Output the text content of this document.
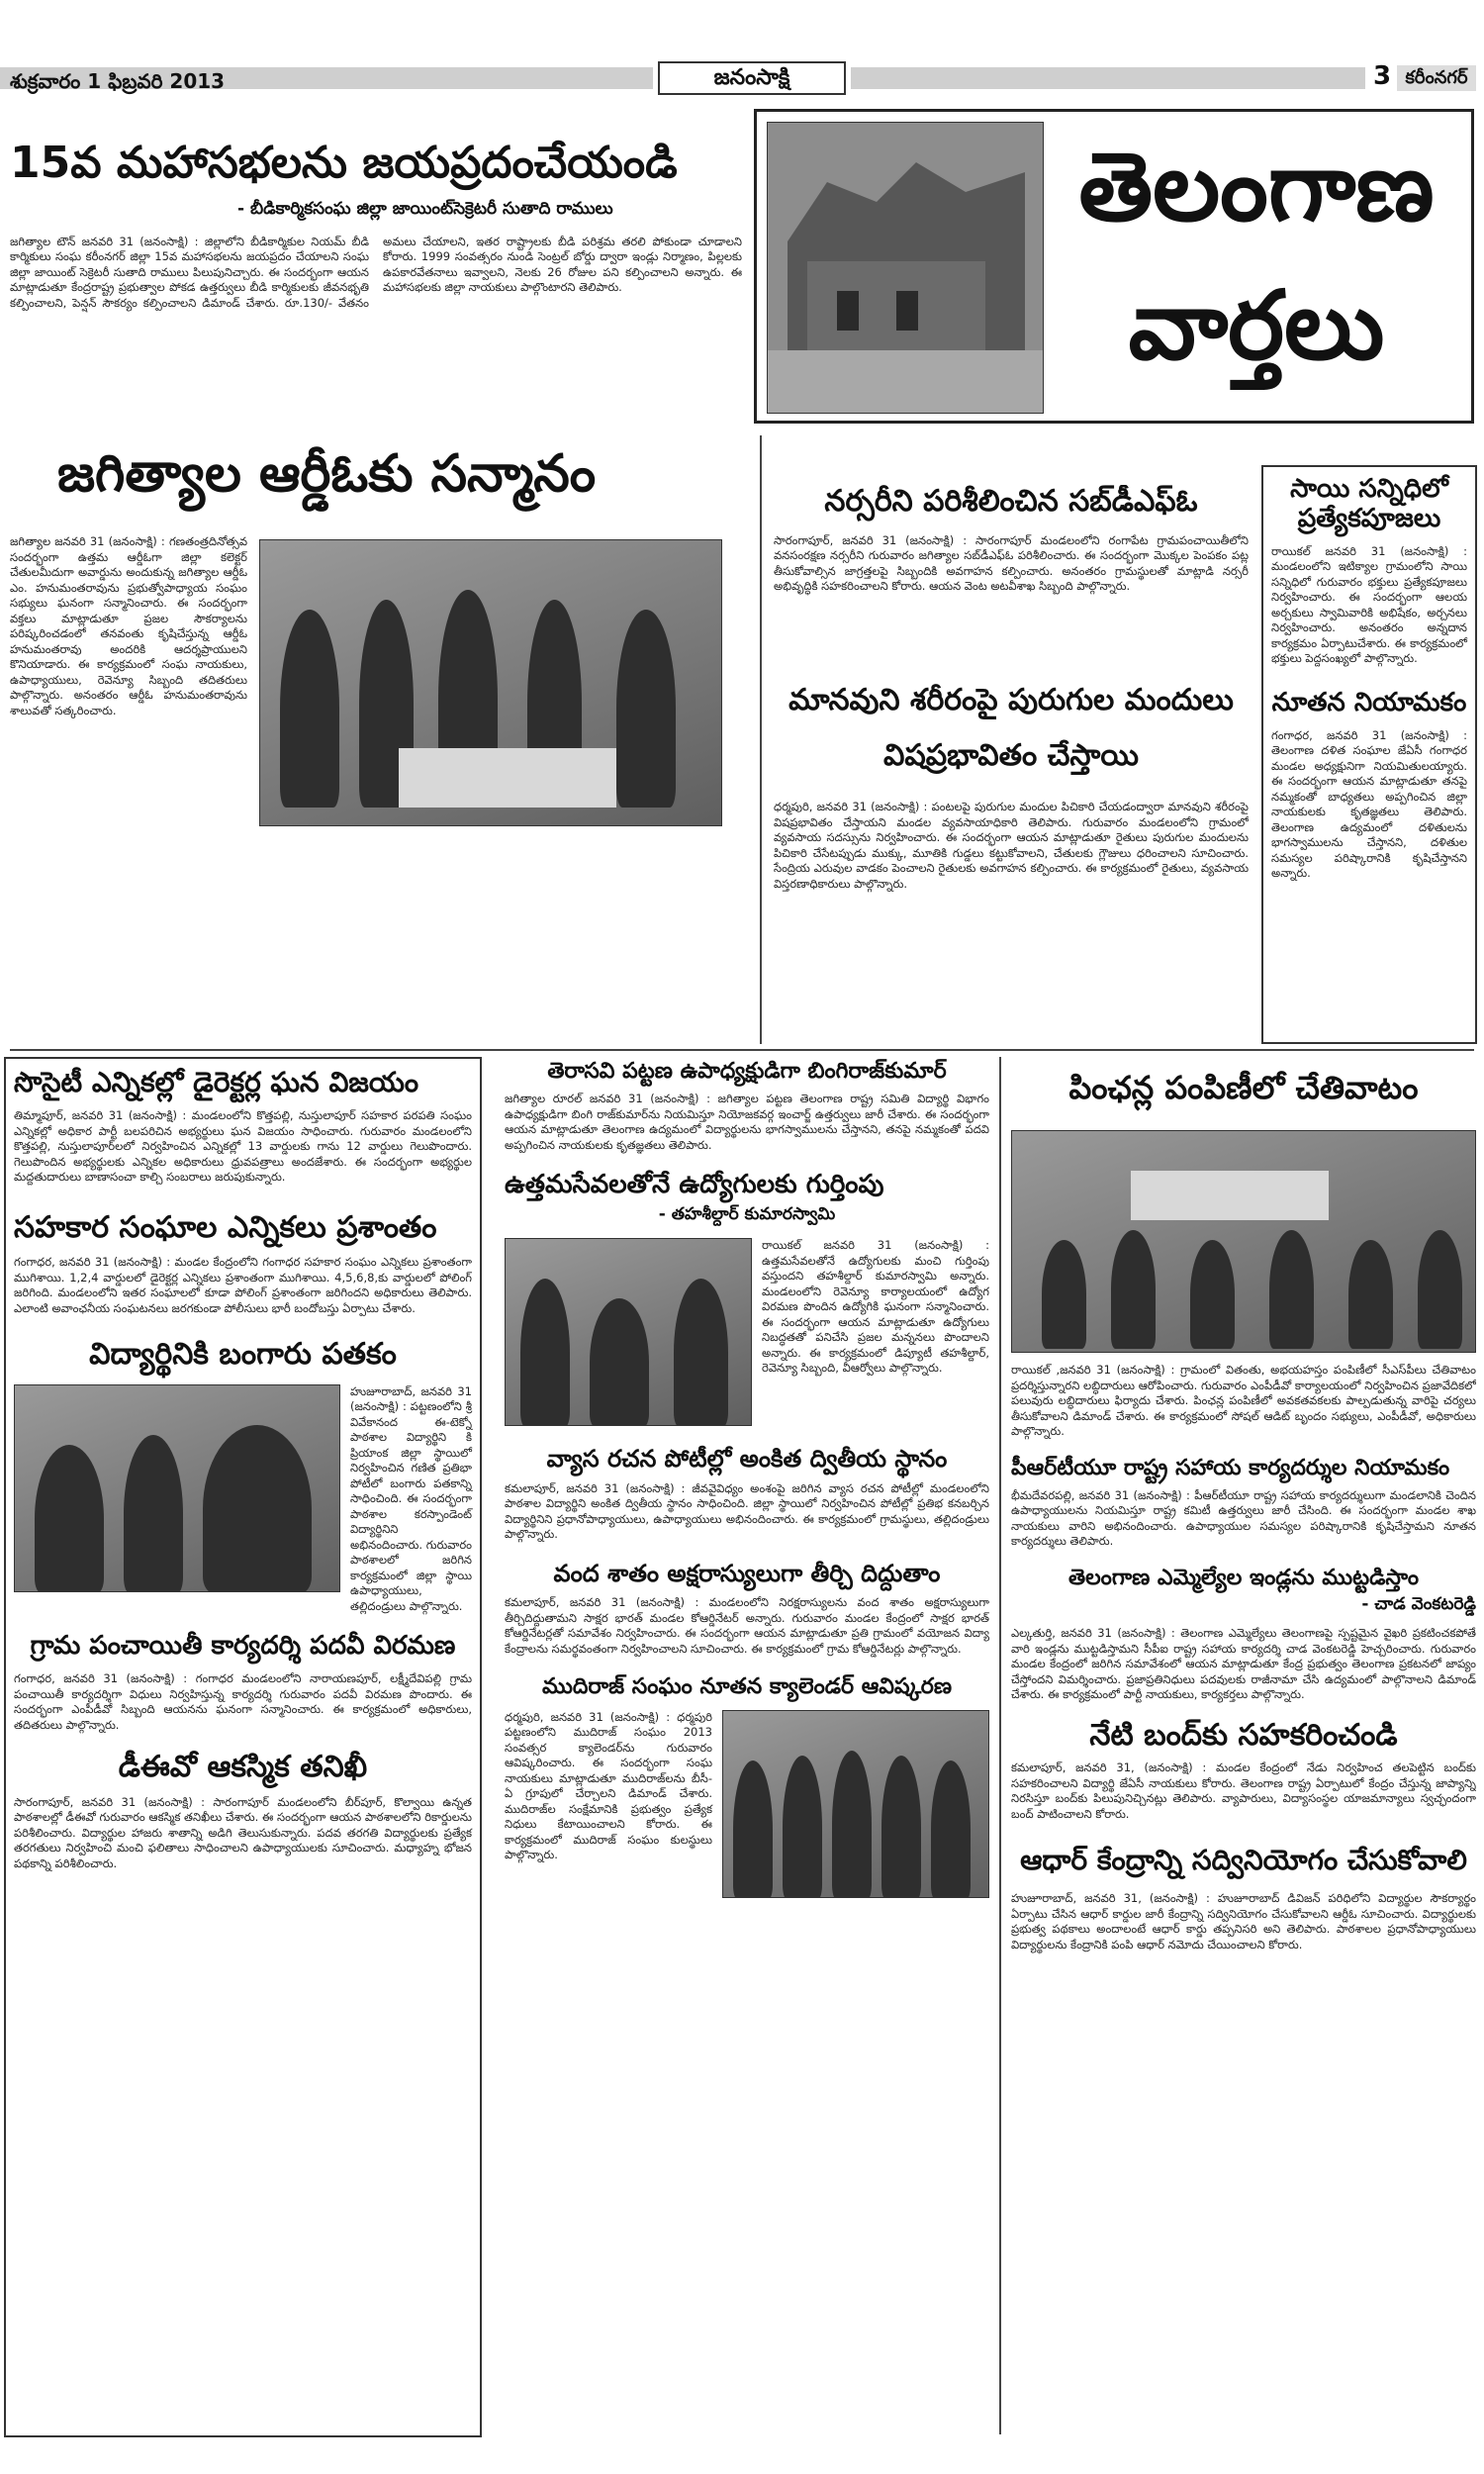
శుక్రవారం 1 ఫిబ్రవరి 2013	జనంసాక్షి	3 కరీంనగర్
15వ మహాసభలను జయప్రదంచేయండి
- బీడికార్మికసంఘ జిల్లా జాయింట్‌సెక్రెటరీ సుతాది రాములు
జగిత్యాల టౌన్ జనవరి 31 (జనంసాక్షి) : జిల్లాలోని బీడికార్మికుల నియమ్ బీడి కార్మికులు సంఘ కరీంనగర్ జిల్లా 15వ మహాసభలను జయప్రదం చేయాలని సంఘ జిల్లా జాయింట్ సెక్రెటరీ సుతాది రాములు పిలుపునిచ్చారు. ఈ సందర్భంగా ఆయన మాట్లాడుతూ కేంద్రరాష్ట్ర ప్రభుత్వాల పోకడ ఉత్తర్వులు బీడి కార్మికులకు జీవనభృతి కల్పించాలని, పెన్షన్ సౌకర్యం కల్పించాలని డిమాండ్ చేశారు. రూ.130/- వేతనం అమలు చేయాలని, ఇతర రాష్ట్రాలకు బీడి పరిశ్రమ తరలి పోకుండా చూడాలని కోరారు. 1999 సంవత్సరం నుండి సెంట్రల్ బోర్డు ద్వారా ఇండ్లు నిర్మాణం, పిల్లలకు ఉపకారవేతనాలు ఇవ్వాలని, నెలకు 26 రోజుల పని కల్పించాలని అన్నారు. ఈ మహాసభలకు జిల్లా నాయకులు పాల్గొంటారని తెలిపారు.
తెలంగాణ
వార్తలు
జగిత్యాల ఆర్డీఓకు సన్మానం
జగిత్యాల జనవరి 31 (జనంసాక్షి) : గణతంత్రదినోత్సవ సందర్భంగా ఉత్తమ ఆర్డీఓగా జిల్లా కలెక్టర్ చేతులమీదుగా అవార్డును అందుకున్న జగిత్యాల ఆర్డీఓ ఎం. హనుమంతరావును ప్రభుత్వోపాధ్యాయ సంఘం సభ్యులు ఘనంగా సన్మానించారు. ఈ సందర్భంగా వక్తలు మాట్లాడుతూ ప్రజల సౌకర్యాలను పరిష్కరించడంలో తనవంతు కృషిచేస్తున్న ఆర్డీఓ హనుమంతరావు అందరికి ఆదర్శప్రాయులని కొనియాడారు. ఈ కార్యక్రమంలో సంఘ నాయకులు, ఉపాధ్యాయులు, రెవెన్యూ సిబ్బంది తదితరులు పాల్గొన్నారు. అనంతరం ఆర్డీఓ హనుమంతరావును శాలువతో సత్కరించారు.
నర్సరీని పరిశీలించిన సబ్‌డీఎఫ్‌ఓ
సారంగాపూర్, జనవరి 31 (జనంసాక్షి) : సారంగాపూర్ మండలంలోని రంగాపేట గ్రామపంచాయితీలోని వనసంరక్షణ నర్సరీని గురువారం జగిత్యాల సబ్‌డీఎఫ్ఓ పరిశీలించారు. ఈ సందర్భంగా మొక్కల పెంపకం పట్ల తీసుకోవాల్సిన జాగ్రత్తలపై సిబ్బందికి అవగాహన కల్పించారు. అనంతరం గ్రామస్థులతో మాట్లాడి నర్సరీ అభివృద్ధికి సహకరించాలని కోరారు. ఆయన వెంట అటవీశాఖ సిబ్బంది పాల్గొన్నారు.
మానవుని శరీరంపై పురుగుల మందులు విషప్రభావితం చేస్తాయి
ధర్మపురి, జనవరి 31 (జనంసాక్షి) : పంటలపై పురుగుల మందుల పిచికారి చేయడంద్వారా మానవుని శరీరంపై విషప్రభావితం చేస్తాయని మండల వ్యవసాయాధికారి తెలిపారు. గురువారం మండలంలోని గ్రామంలో వ్యవసాయ సదస్సును నిర్వహించారు. ఈ సందర్భంగా ఆయన మాట్లాడుతూ రైతులు పురుగుల మందులను పిచికారి చేసేటప్పుడు ముక్కు, మూతికి గుడ్డలు కట్టుకోవాలని, చేతులకు గ్లౌజులు ధరించాలని సూచించారు. సేంద్రియ ఎరువుల వాడకం పెంచాలని రైతులకు అవగాహన కల్పించారు. ఈ కార్యక్రమంలో రైతులు, వ్యవసాయ విస్తరణాధికారులు పాల్గొన్నారు.
సాయి సన్నిధిలో ప్రత్యేకపూజలు
రాయికల్ జనవరి 31 (జనంసాక్షి) : మండలంలోని ఇటిక్యాల గ్రామంలోని సాయి సన్నిధిలో గురువారం భక్తులు ప్రత్యేకపూజలు నిర్వహించారు. ఈ సందర్భంగా ఆలయ అర్చకులు స్వామివారికి అభిషేకం, అర్చనలు నిర్వహించారు. అనంతరం అన్నదాన కార్యక్రమం ఏర్పాటుచేశారు. ఈ కార్యక్రమంలో భక్తులు పెద్దసంఖ్యలో పాల్గొన్నారు.
నూతన నియామకం
గంగాధర, జనవరి 31 (జనంసాక్షి) : తెలంగాణ దళిత సంఘాల జేఏసీ గంగాధర మండల అధ్యక్షునిగా నియమితులయ్యారు. ఈ సందర్భంగా ఆయన మాట్లాడుతూ తనపై నమ్మకంతో బాధ్యతలు అప్పగించిన జిల్లా నాయకులకు కృతజ్ఞతలు తెలిపారు. తెలంగాణ ఉద్యమంలో దళితులను భాగస్వాములను చేస్తానని, దళితుల సమస్యల పరిష్కారానికి కృషిచేస్తానని అన్నారు.
సొసైటీ ఎన్నికల్లో డైరెక్టర్ల ఘన విజయం
తిమ్మాపూర్, జనవరి 31 (జనంసాక్షి) : మండలంలోని కొత్తపల్లి, నుస్తులాపూర్ సహకార పరపతి సంఘం ఎన్నికల్లో అధికార పార్టీ బలపరిచిన అభ్యర్థులు ఘన విజయం సాధించారు. గురువారం మండలంలోని కొత్తపల్లి, నుస్తులాపూర్‌లలో నిర్వహించిన ఎన్నికల్లో 13 వార్డులకు గాను 12 వార్డులు గెలుపొందారు. గెలుపొందిన అభ్యర్థులకు ఎన్నికల అధికారులు ధ్రువపత్రాలు అందజేశారు. ఈ సందర్భంగా అభ్యర్థుల మద్దతుదారులు బాణాసంచా కాల్చి సంబరాలు జరుపుకున్నారు.
సహకార సంఘాల ఎన్నికలు ప్రశాంతం
గంగాధర, జనవరి 31 (జనంసాక్షి) : మండల కేంద్రంలోని గంగాధర సహకార సంఘం ఎన్నికలు ప్రశాంతంగా ముగిశాయి. 1,2,4 వార్డులలో డైరెక్టర్ల ఎన్నికలు ప్రశాంతంగా ముగిశాయి. 4,5,6,8,కు వార్డులలో పోలింగ్ జరిగింది. మండలంలోని ఇతర సంఘాలలో కూడా పోలింగ్ ప్రశాంతంగా జరిగిందని అధికారులు తెలిపారు. ఎలాంటి అవాంఛనీయ సంఘటనలు జరగకుండా పోలీసులు భారీ బందోబస్తు ఏర్పాటు చేశారు.
విద్యార్థినికి బంగారు పతకం
హుజూరాబాద్, జనవరి 31 (జనంసాక్షి) : పట్టణంలోని శ్రీ వివేకానంద ఈ-టెక్నో పాఠశాల విద్యార్థిని కి ప్రియాంక జిల్లా స్థాయిలో నిర్వహించిన గణిత ప్రతిభా పోటీలో బంగారు పతకాన్ని సాధించింది. ఈ సందర్భంగా పాఠశాల కరస్పాండెంట్ విద్యార్థినిని అభినందించారు. గురువారం పాఠశాలలో జరిగిన కార్యక్రమంలో జిల్లా స్థాయి ఉపాధ్యాయులు, తల్లిదండ్రులు పాల్గొన్నారు.
గ్రామ పంచాయితీ కార్యదర్శి పదవీ విరమణ
గంగాధర, జనవరి 31 (జనంసాక్షి) : గంగాధర మండలంలోని నారాయణపూర్, లక్ష్మీదేవిపల్లి గ్రామ పంచాయితీ కార్యదర్శిగా విధులు నిర్వహిస్తున్న కార్యదర్శి గురువారం పదవీ విరమణ పొందారు. ఈ సందర్భంగా ఎంపీడీవో సిబ్బంది ఆయనను ఘనంగా సన్మానించారు. ఈ కార్యక్రమంలో అధికారులు, తదితరులు పాల్గొన్నారు.
డీఈవో ఆకస్మిక తనిఖీ
సారంగాపూర్, జనవరి 31 (జనంసాక్షి) : సారంగాపూర్ మండలంలోని బీర్‌పూర్, కొల్వాయి ఉన్నత పాఠశాలల్లో డీఈవో గురువారం ఆకస్మిక తనిఖీలు చేశారు. ఈ సందర్భంగా ఆయన పాఠశాలలోని రికార్డులను పరిశీలించారు. విద్యార్థుల హాజరు శాతాన్ని అడిగి తెలుసుకున్నారు. పదవ తరగతి విద్యార్థులకు ప్రత్యేక తరగతులు నిర్వహించి మంచి ఫలితాలు సాధించాలని ఉపాధ్యాయులకు సూచించారు. మధ్యాహ్న భోజన పథకాన్ని పరిశీలించారు.
తెరాసవి పట్టణ ఉపాధ్యక్షుడిగా బింగిరాజ్‌కుమార్
జగిత్యాల రూరల్ జనవరి 31 (జనంసాక్షి) : జగిత్యాల పట్టణ తెలంగాణ రాష్ట్ర సమితి విద్యార్థి విభాగం ఉపాధ్యక్షుడిగా బింగి రాజ్‌కుమార్‌ను నియమిస్తూ నియోజకవర్గ ఇంచార్జ్ ఉత్తర్వులు జారీ చేశారు. ఈ సందర్భంగా ఆయన మాట్లాడుతూ తెలంగాణ ఉద్యమంలో విద్యార్థులను భాగస్వాములను చేస్తానని, తనపై నమ్మకంతో పదవి అప్పగించిన నాయకులకు కృతజ్ఞతలు తెలిపారు.
ఉత్తమసేవలతోనే ఉద్యోగులకు గుర్తింపు
- తహశీల్దార్ కుమారస్వామి
రాయికల్ జనవరి 31 (జనంసాక్షి) : ఉత్తమసేవలతోనే ఉద్యోగులకు మంచి గుర్తింపు వస్తుందని తహశీల్దార్ కుమారస్వామి అన్నారు. మండలంలోని రెవెన్యూ కార్యాలయంలో ఉద్యోగ విరమణ పొందిన ఉద్యోగికి ఘనంగా సన్మానించారు. ఈ సందర్భంగా ఆయన మాట్లాడుతూ ఉద్యోగులు నిబద్ధతతో పనిచేసి ప్రజల మన్ననలు పొందాలని అన్నారు. ఈ కార్యక్రమంలో డిప్యూటీ తహశీల్దార్, రెవెన్యూ సిబ్బంది, వీఆర్వోలు పాల్గొన్నారు.
వ్యాస రచన పోటీల్లో అంకిత ద్వితీయ స్థానం
కమలాపూర్, జనవరి 31 (జనంసాక్షి) : జీవవైవిధ్యం అంశంపై జరిగిన వ్యాస రచన పోటీల్లో మండలంలోని పాఠశాల విద్యార్థిని అంకిత ద్వితీయ స్థానం సాధించింది. జిల్లా స్థాయిలో నిర్వహించిన పోటీల్లో ప్రతిభ కనబర్చిన విద్యార్థినిని ప్రధానోపాధ్యాయులు, ఉపాధ్యాయులు అభినందించారు. ఈ కార్యక్రమంలో గ్రామస్థులు, తల్లిదండ్రులు పాల్గొన్నారు.
వంద శాతం అక్షరాస్యులుగా తీర్చి దిద్దుతాం
కమలాపూర్, జనవరి 31 (జనంసాక్షి) : మండలంలోని నిరక్షరాస్యులను వంద శాతం అక్షరాస్యులుగా తీర్చిదిద్దుతామని సాక్షర భారత్ మండల కోఆర్డినేటర్ అన్నారు. గురువారం మండల కేంద్రంలో సాక్షర భారత్ కోఆర్డినేటర్లతో సమావేశం నిర్వహించారు. ఈ సందర్భంగా ఆయన మాట్లాడుతూ ప్రతి గ్రామంలో వయోజన విద్యా కేంద్రాలను సమర్థవంతంగా నిర్వహించాలని సూచించారు. ఈ కార్యక్రమంలో గ్రామ కోఆర్డినేటర్లు పాల్గొన్నారు.
ముదిరాజ్ సంఘం నూతన క్యాలెండర్ ఆవిష్కరణ
ధర్మపురి, జనవరి 31 (జనంసాక్షి) : ధర్మపురి పట్టణంలోని ముదిరాజ్ సంఘం 2013 సంవత్సర క్యాలెండర్‌ను గురువారం ఆవిష్కరించారు. ఈ సందర్భంగా సంఘ నాయకులు మాట్లాడుతూ ముదిరాజ్‌లను బీసీ-ఏ గ్రూపులో చేర్చాలని డిమాండ్ చేశారు. ముదిరాజ్‌ల సంక్షేమానికి ప్రభుత్వం ప్రత్యేక నిధులు కేటాయించాలని కోరారు. ఈ కార్యక్రమంలో ముదిరాజ్ సంఘం కులస్థులు పాల్గొన్నారు.
పింఛన్ల పంపిణీలో చేతివాటం
రాయికల్ ,జనవరి 31 (జనంసాక్షి) : గ్రామంలో వితంతు, అభయహస్తం పంపిణీలో సీఎస్‌పీలు చేతివాటం ప్రదర్శిస్తున్నారని లబ్ధిదారులు ఆరోపించారు. గురువారం ఎంపీడీవో కార్యాలయంలో నిర్వహించిన ప్రజావేదికలో పలువురు లబ్ధిదారులు ఫిర్యాదు చేశారు. పింఛన్ల పంపిణీలో అవకతవకలకు పాల్పడుతున్న వారిపై చర్యలు తీసుకోవాలని డిమాండ్ చేశారు. ఈ కార్యక్రమంలో సోషల్ ఆడిట్ బృందం సభ్యులు, ఎంపీడీవో, అధికారులు పాల్గొన్నారు.
పీఆర్‌టీయూ రాష్ట్ర సహాయ కార్యదర్శుల నియామకం
భీమదేవరపల్లి, జనవరి 31 (జనంసాక్షి) : పీఆర్‌టీయూ రాష్ట్ర సహాయ కార్యదర్శులుగా మండలానికి చెందిన ఉపాధ్యాయులను నియమిస్తూ రాష్ట్ర కమిటీ ఉత్తర్వులు జారీ చేసింది. ఈ సందర్భంగా మండల శాఖ నాయకులు వారిని అభినందించారు. ఉపాధ్యాయుల సమస్యల పరిష్కారానికి కృషిచేస్తామని నూతన కార్యదర్శులు తెలిపారు.
తెలంగాణ ఎమ్మెల్యేల ఇండ్లను ముట్టడిస్తాం
- చాడ వెంకటరెడ్డి
ఎల్కతుర్తి, జనవరి 31 (జనంసాక్షి) : తెలంగాణ ఎమ్మెల్యేలు తెలంగాణపై స్పష్టమైన వైఖరి ప్రకటించకపోతే వారి ఇండ్లను ముట్టడిస్తామని సీపీఐ రాష్ట్ర సహాయ కార్యదర్శి చాడ వెంకటరెడ్డి హెచ్చరించారు. గురువారం మండల కేంద్రంలో జరిగిన సమావేశంలో ఆయన మాట్లాడుతూ కేంద్ర ప్రభుత్వం తెలంగాణ ప్రకటనలో జాప్యం చేస్తోందని విమర్శించారు. ప్రజాప్రతినిధులు పదవులకు రాజీనామా చేసి ఉద్యమంలో పాల్గొనాలని డిమాండ్ చేశారు. ఈ కార్యక్రమంలో పార్టీ నాయకులు, కార్యకర్తలు పాల్గొన్నారు.
నేటి బంద్‌కు సహకరించండి
కమలాపూర్, జనవరి 31, (జనంసాక్షి) : మండల కేంద్రంలో నేడు నిర్వహించ తలపెట్టిన బంద్‌కు సహకరించాలని విద్యార్థి జేఏసీ నాయకులు కోరారు. తెలంగాణ రాష్ట్ర ఏర్పాటులో కేంద్రం చేస్తున్న జాప్యాన్ని నిరసిస్తూ బంద్‌కు పిలుపునిచ్చినట్లు తెలిపారు. వ్యాపారులు, విద్యాసంస్థల యాజమాన్యాలు స్వచ్ఛందంగా బంద్ పాటించాలని కోరారు.
ఆధార్ కేంద్రాన్ని సద్వినియోగం చేసుకోవాలి
హుజూరాబాద్, జనవరి 31, (జనంసాక్షి) : హుజూరాబాద్ డివిజన్ పరిధిలోని విద్యార్థుల సౌకర్యార్థం ఏర్పాటు చేసిన ఆధార్ కార్డుల జారీ కేంద్రాన్ని సద్వినియోగం చేసుకోవాలని ఆర్డీఓ సూచించారు. విద్యార్థులకు ప్రభుత్వ పథకాలు అందాలంటే ఆధార్ కార్డు తప్పనిసరి అని తెలిపారు. పాఠశాలల ప్రధానోపాధ్యాయులు విద్యార్థులను కేంద్రానికి పంపి ఆధార్ నమోదు చేయించాలని కోరారు.
